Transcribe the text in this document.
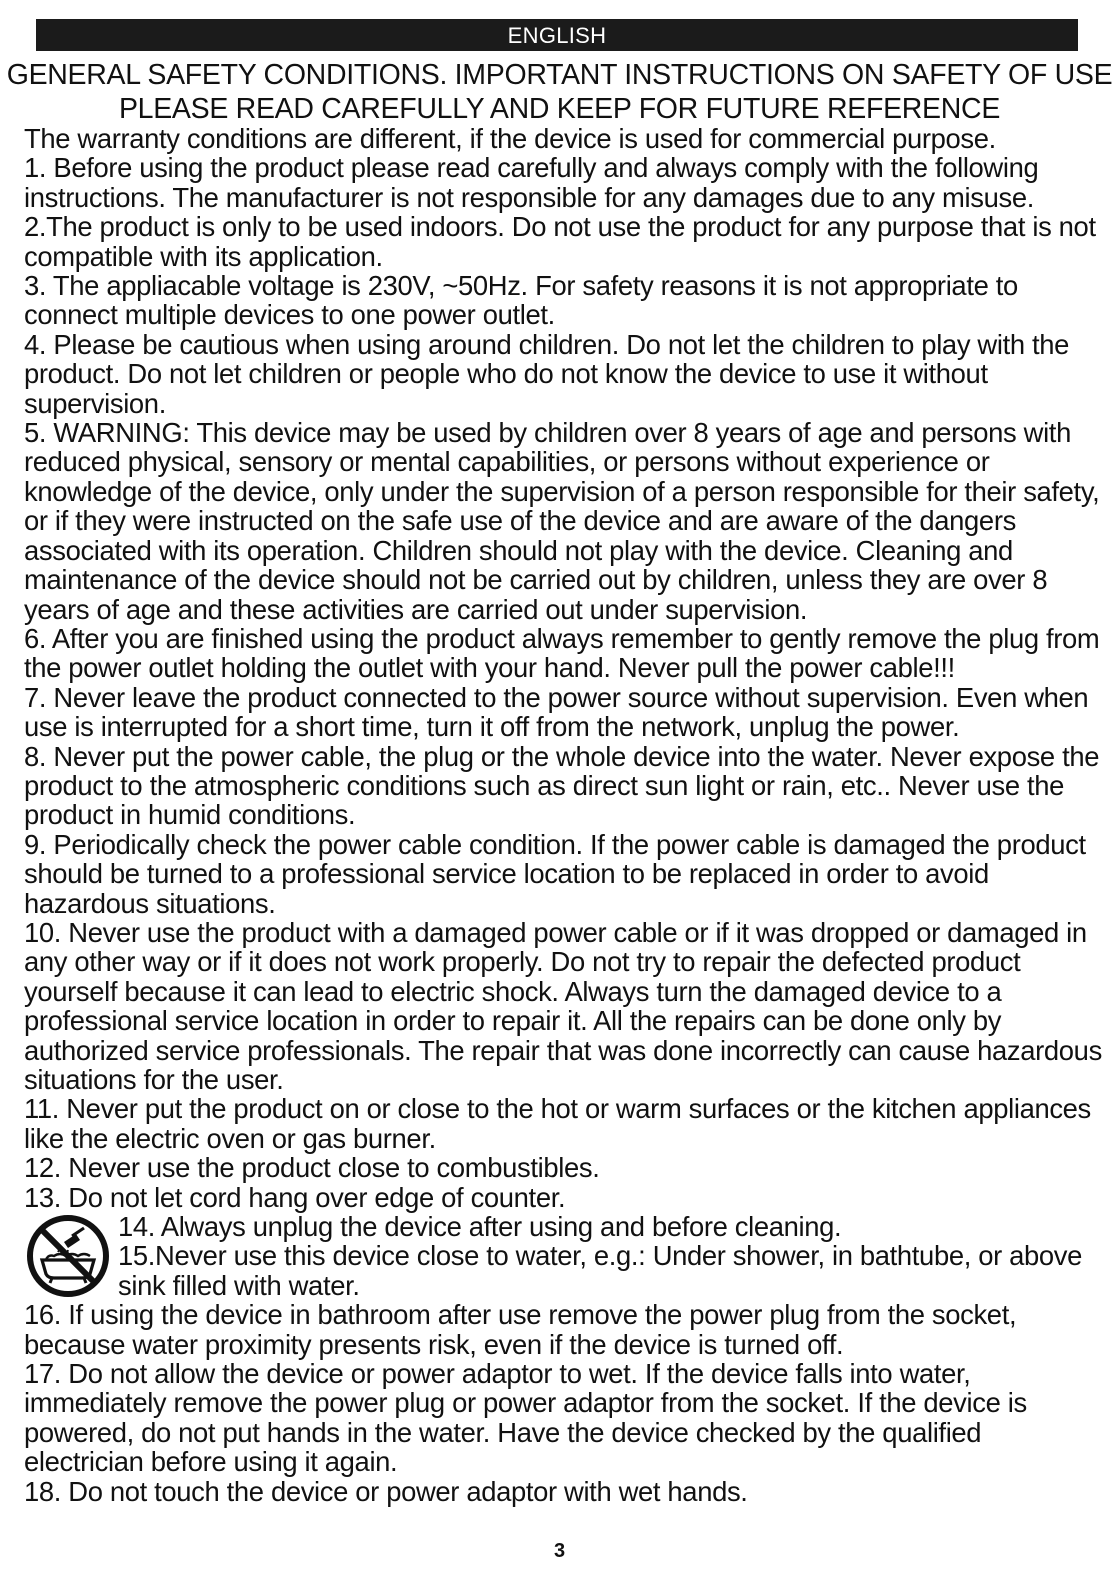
ENGLISH
GENERAL SAFETY CONDITIONS. IMPORTANT INSTRUCTIONS ON SAFETY OF USE
PLEASE READ CAREFULLY AND KEEP FOR FUTURE REFERENCE

The warranty conditions are different, if the device is used for commercial purpose.

1. Before using the product please read carefully and always comply with the following instructions. The manufacturer is not responsible for any damages due to any misuse.

2.The product is only to be used indoors. Do not use the product for any purpose that is not compatible with its application.

3. The appliacable voltage is 230V, ~50Hz. For safety reasons it is not appropriate to connect multiple devices to one power outlet.

4. Please be cautious when using around children. Do not let the children to play with the product. Do not let children or people who do not know the device to use it without supervision.

5. WARNING: This device may be used by children over 8 years of age and persons with reduced physical, sensory or mental capabilities, or persons without experience or knowledge of the device, only under the supervision of a person responsible for their safety, or if they were instructed on the safe use of the device and are aware of the dangers associated with its operation. Children should not play with the device. Cleaning and maintenance of the device should not be carried out by children, unless they are over 8 years of age and these activities are carried out under supervision.

6. After you are finished using the product always remember to gently remove the plug from the power outlet holding the outlet with your hand. Never pull the power cable!!!

7. Never leave the product connected to the power source without supervision. Even when use is interrupted for a short time, turn it off from the network, unplug the power.

8. Never put the power cable, the plug or the whole device into the water. Never expose the product to the atmospheric conditions such as direct sun light or rain, etc.. Never use the product in humid conditions.

9. Periodically check the power cable condition. If the power cable is damaged the product should be turned to a professional service location to be replaced in order to avoid hazardous situations.

10. Never use the product with a damaged power cable or if it was dropped or damaged in any other way or if it does not work properly. Do not try to repair the defected product yourself because it can lead to electric shock. Always turn the damaged device to a professional service location in order to repair it. All the repairs can be done only by authorized service professionals. The repair that was done incorrectly can cause hazardous situations for the user.

11. Never put the product on or close to the hot or warm surfaces or the kitchen appliances like the electric oven or gas burner.

12. Never use the product close to combustibles.

13. Do not let cord hang over edge of counter.

14. Always unplug the device after using and before cleaning.

15.Never use this device close to water, e.g.: Under shower, in bathtube, or above

sink filled with water.

16. If using the device in bathroom after use remove the power plug from the socket, because water proximity presents risk, even if the device is turned off.

17. Do not allow the device or power adaptor to wet. If the device falls into water, immediately remove the power plug or power adaptor from the socket. If the device is powered, do not put hands in the water. Have the device checked by the qualified electrician before using it again.

18. Do not touch the device or power adaptor with wet hands.

3
